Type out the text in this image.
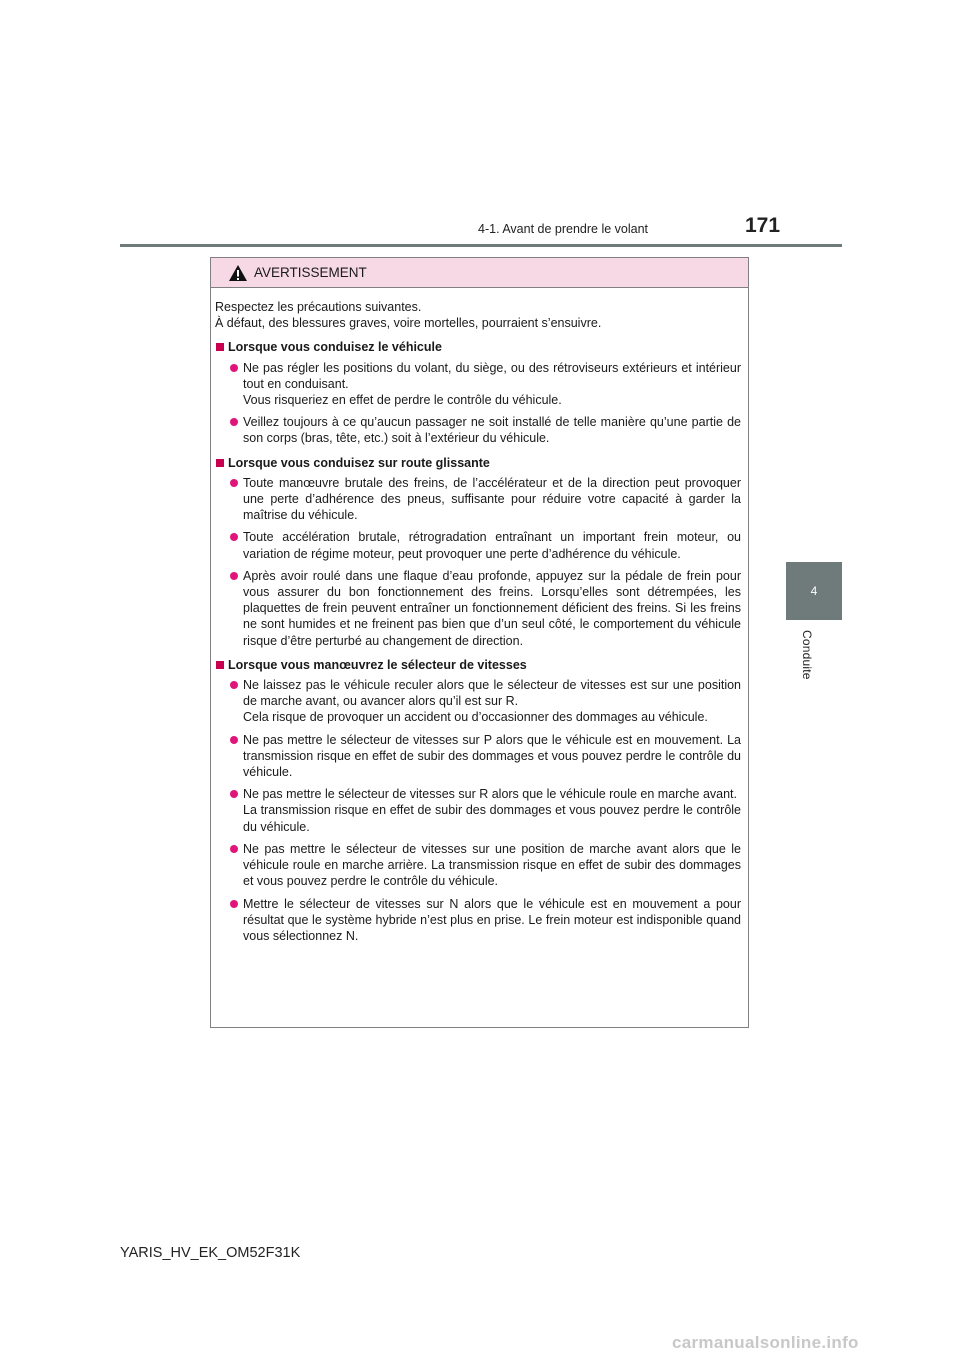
4-1. Avant de prendre le volant	171
4
Conduite
AVERTISSEMENT

Respectez les précautions suivantes.

À défaut, des blessures graves, voire mortelles, pourraient s’ensuivre.

Lorsque vous conduisez le véhicule
Ne pas régler les positions du volant, du siège, ou des rétroviseurs extérieurs et intérieur tout en conduisant.
Vous risqueriez en effet de perdre le contrôle du véhicule.
Veillez toujours à ce qu’aucun passager ne soit installé de telle manière qu’une partie de son corps (bras, tête, etc.) soit à l’extérieur du véhicule.
Lorsque vous conduisez sur route glissante
Toute manœuvre brutale des freins, de l’accélérateur et de la direction peut provoquer une perte d’adhérence des pneus, suffisante pour réduire votre capacité à garder la maîtrise du véhicule.
Toute accélération brutale, rétrogradation entraînant un important frein moteur, ou variation de régime moteur, peut provoquer une perte d’adhérence du véhicule.
Après avoir roulé dans une flaque d’eau profonde, appuyez sur la pédale de frein pour vous assurer du bon fonctionnement des freins. Lorsqu’elles sont détrempées, les plaquettes de frein peuvent entraîner un fonctionnement déficient des freins. Si les freins ne sont humides et ne freinent pas bien que d’un seul côté, le comportement du véhicule risque d’être perturbé au changement de direction.
Lorsque vous manœuvrez le sélecteur de vitesses
Ne laissez pas le véhicule reculer alors que le sélecteur de vitesses est sur une position de marche avant, ou avancer alors qu’il est sur R.
Cela risque de provoquer un accident ou d’occasionner des dommages au véhicule.
Ne pas mettre le sélecteur de vitesses sur P alors que le véhicule est en mouvement. La transmission risque en effet de subir des dommages et vous pouvez perdre le contrôle du véhicule.
Ne pas mettre le sélecteur de vitesses sur R alors que le véhicule roule en marche avant.
La transmission risque en effet de subir des dommages et vous pouvez perdre le contrôle du véhicule.
Ne pas mettre le sélecteur de vitesses sur une position de marche avant alors que le véhicule roule en marche arrière. La transmission risque en effet de subir des dommages et vous pouvez perdre le contrôle du véhicule.
Mettre le sélecteur de vitesses sur N alors que le véhicule est en mouvement a pour résultat que le système hybride n’est plus en prise. Le frein moteur est indisponible quand vous sélectionnez N.
YARIS_HV_EK_OM52F31K
carmanualsonline.info
